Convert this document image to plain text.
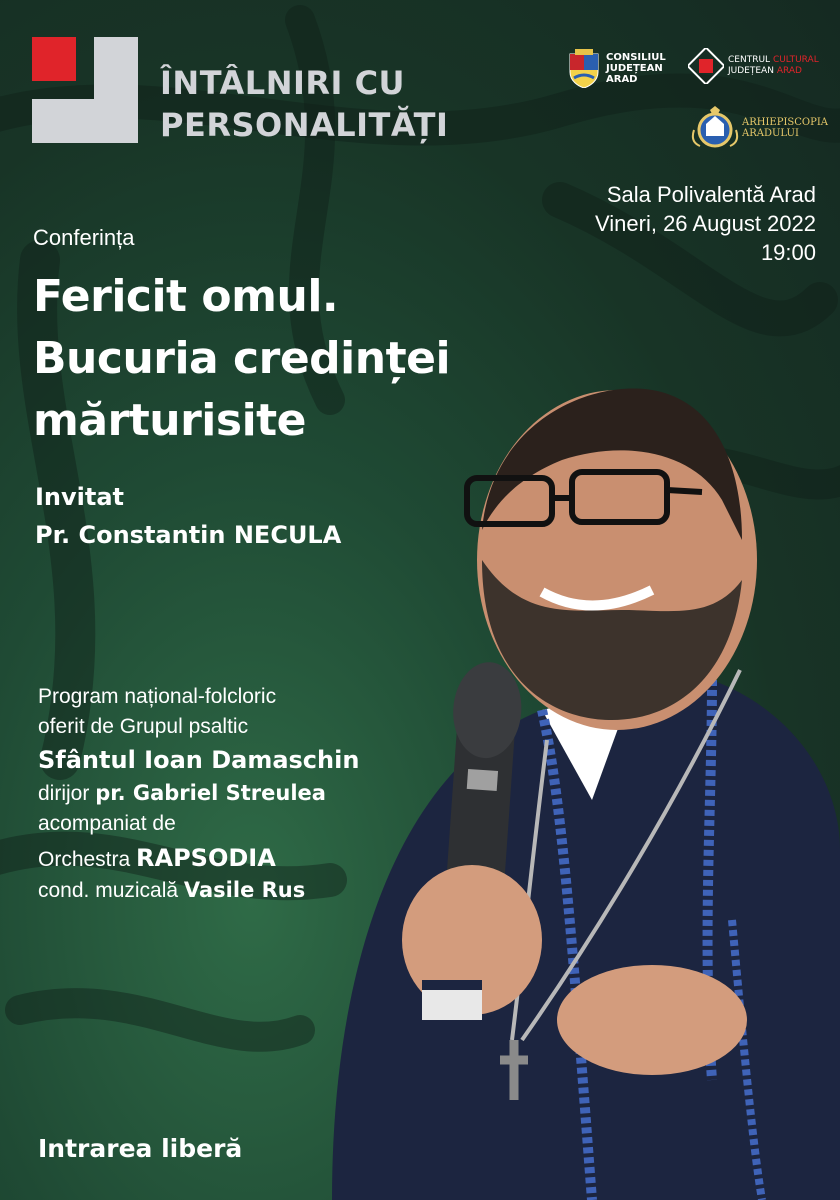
ÎNTÂLNIRI CU
PERSONALITĂȚI
CONSILIUL
JUDEȚEAN
ARAD
CENTRUL CULTURAL
JUDEȚEAN ARAD
ARHIEPISCOPIA
ARADULUI
Sala Polivalentă Arad
Vineri, 26 August 2022
19:00
Conferința
Fericit omul.
Bucuria credinței
mărturisite
Invitat
Pr. Constantin NECULA
Program național-folcloric
oferit de Grupul psaltic
Sfântul Ioan Damaschin
dirijor pr. Gabriel Streulea
acompaniat de
Orchestra RAPSODIA
cond. muzicală Vasile Rus
Intrarea liberă
